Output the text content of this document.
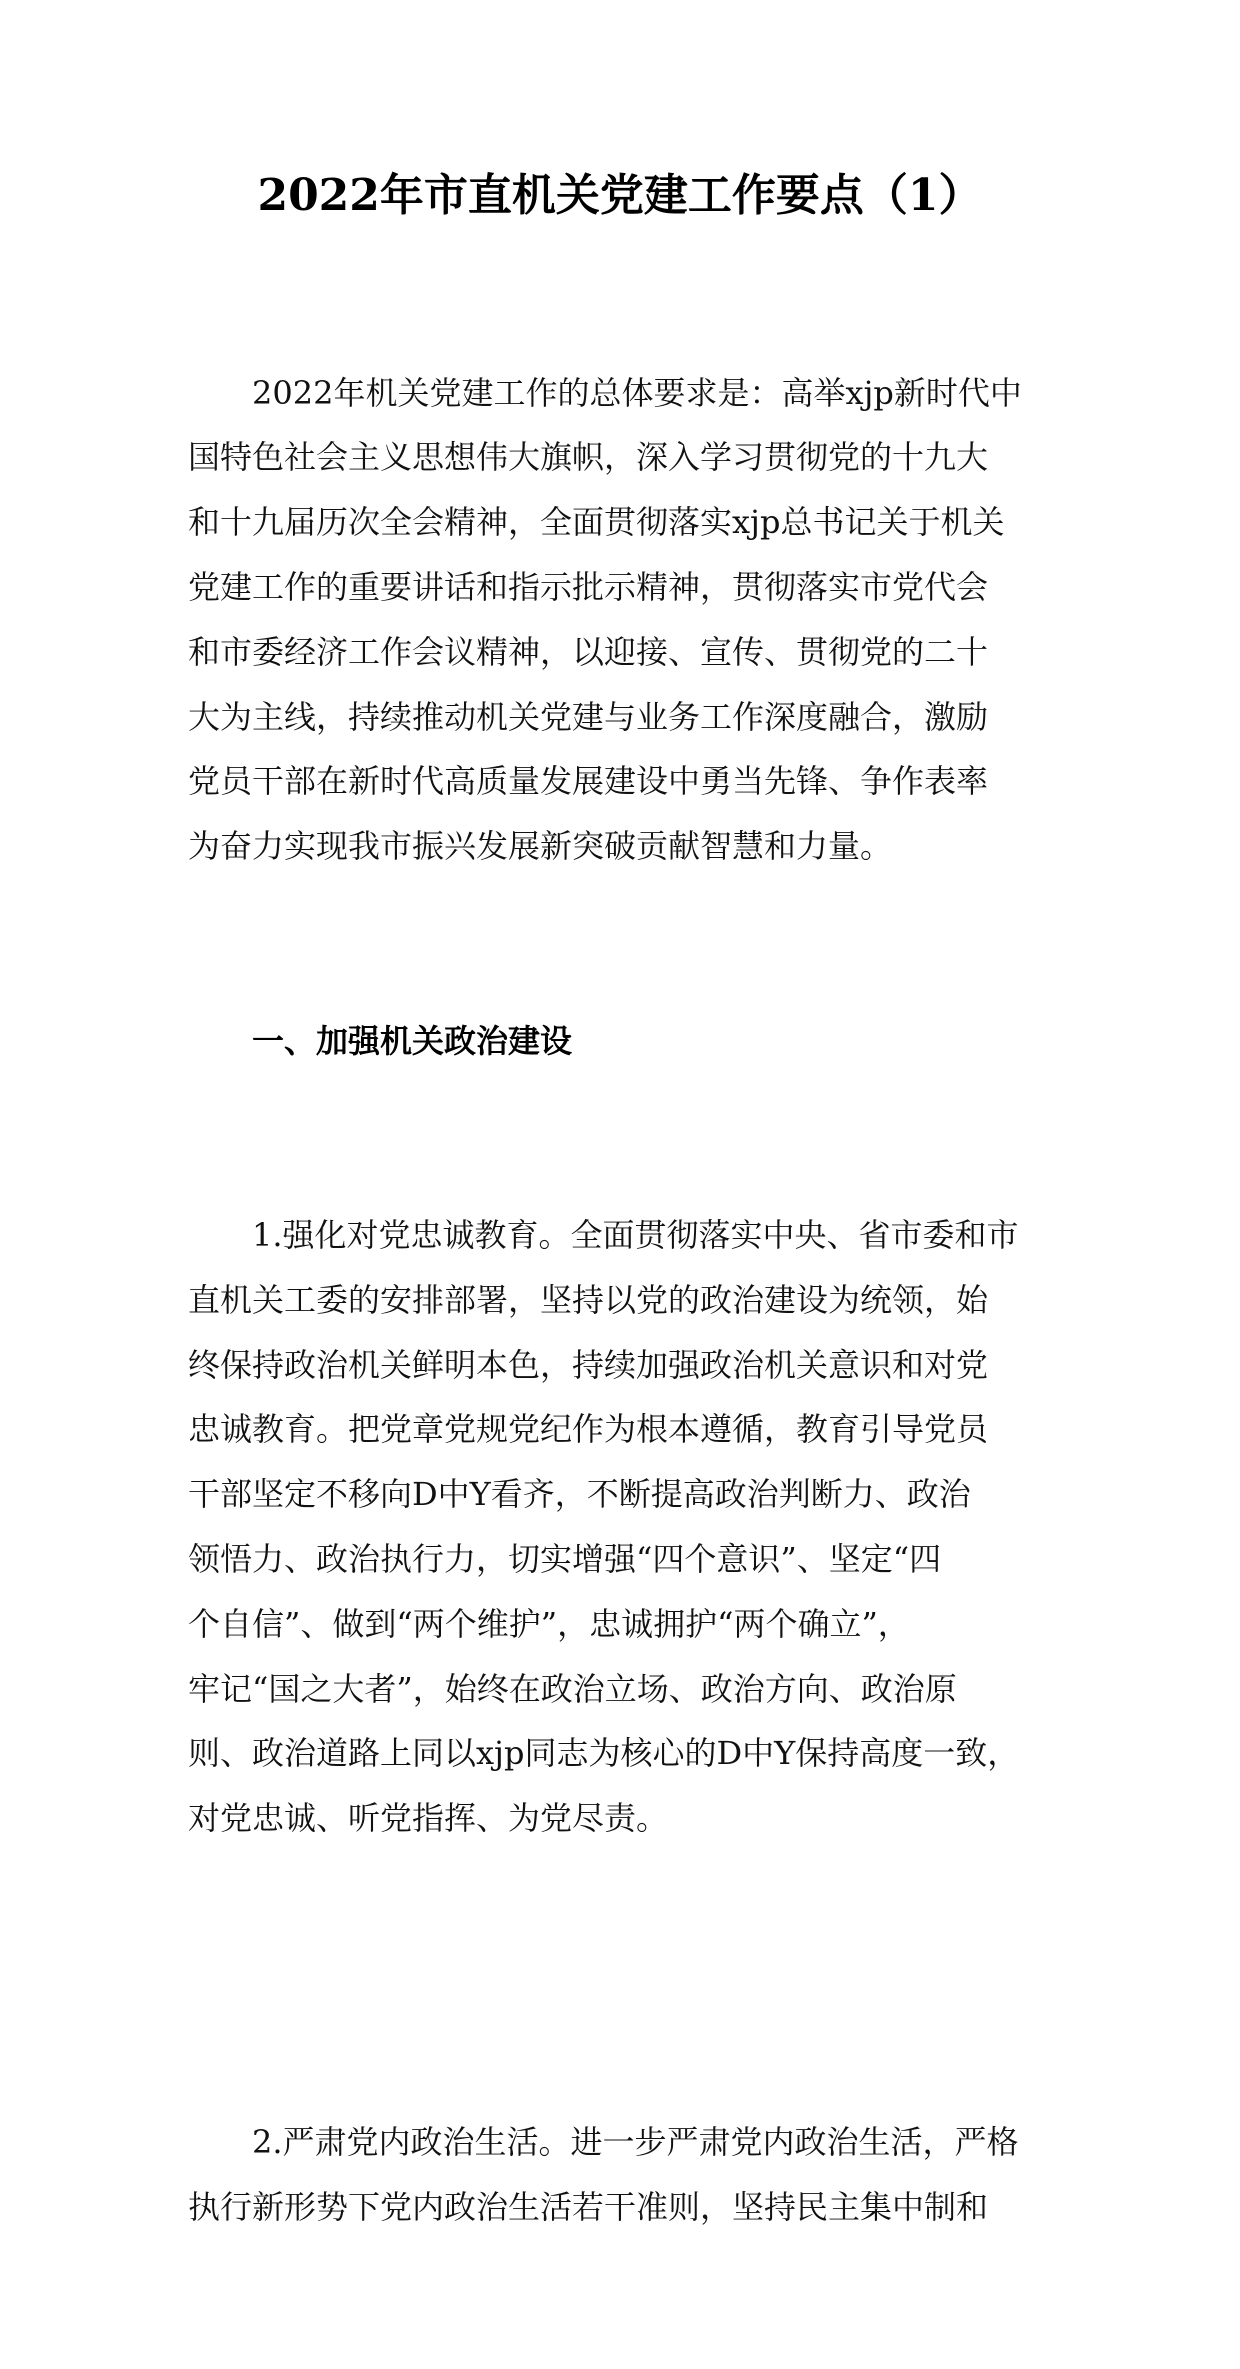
2022年市直机关党建工作要点（1）

2022年机关党建工作的总体要求是：高举xjp新时代中
国特色社会主义思想伟大旗帜，深入学习贯彻党的十九大
和十九届历次全会精神，全面贯彻落实xjp总书记关于机关
党建工作的重要讲话和指示批示精神，贯彻落实市党代会
和市委经济工作会议精神，以迎接、宣传、贯彻党的二十
大为主线，持续推动机关党建与业务工作深度融合，激励
党员干部在新时代高质量发展建设中勇当先锋、争作表率
为奋力实现我市振兴发展新突破贡献智慧和力量。

一、加强机关政治建设

1.强化对党忠诚教育。全面贯彻落实中央、省市委和市
直机关工委的安排部署，坚持以党的政治建设为统领，始
终保持政治机关鲜明本色，持续加强政治机关意识和对党
忠诚教育。把党章党规党纪作为根本遵循，教育引导党员
干部坚定不移向D中Y看齐，不断提高政治判断力、政治
领悟力、政治执行力，切实增强“四个意识”、坚定“四
个自信”、做到“两个维护”，忠诚拥护“两个确立”，
牢记“国之大者”，始终在政治立场、政治方向、政治原
则、政治道路上同以xjp同志为核心的D中Y保持高度一致，
对党忠诚、听党指挥、为党尽责。

2.严肃党内政治生活。进一步严肃党内政治生活，严格
执行新形势下党内政治生活若干准则，坚持民主集中制和
